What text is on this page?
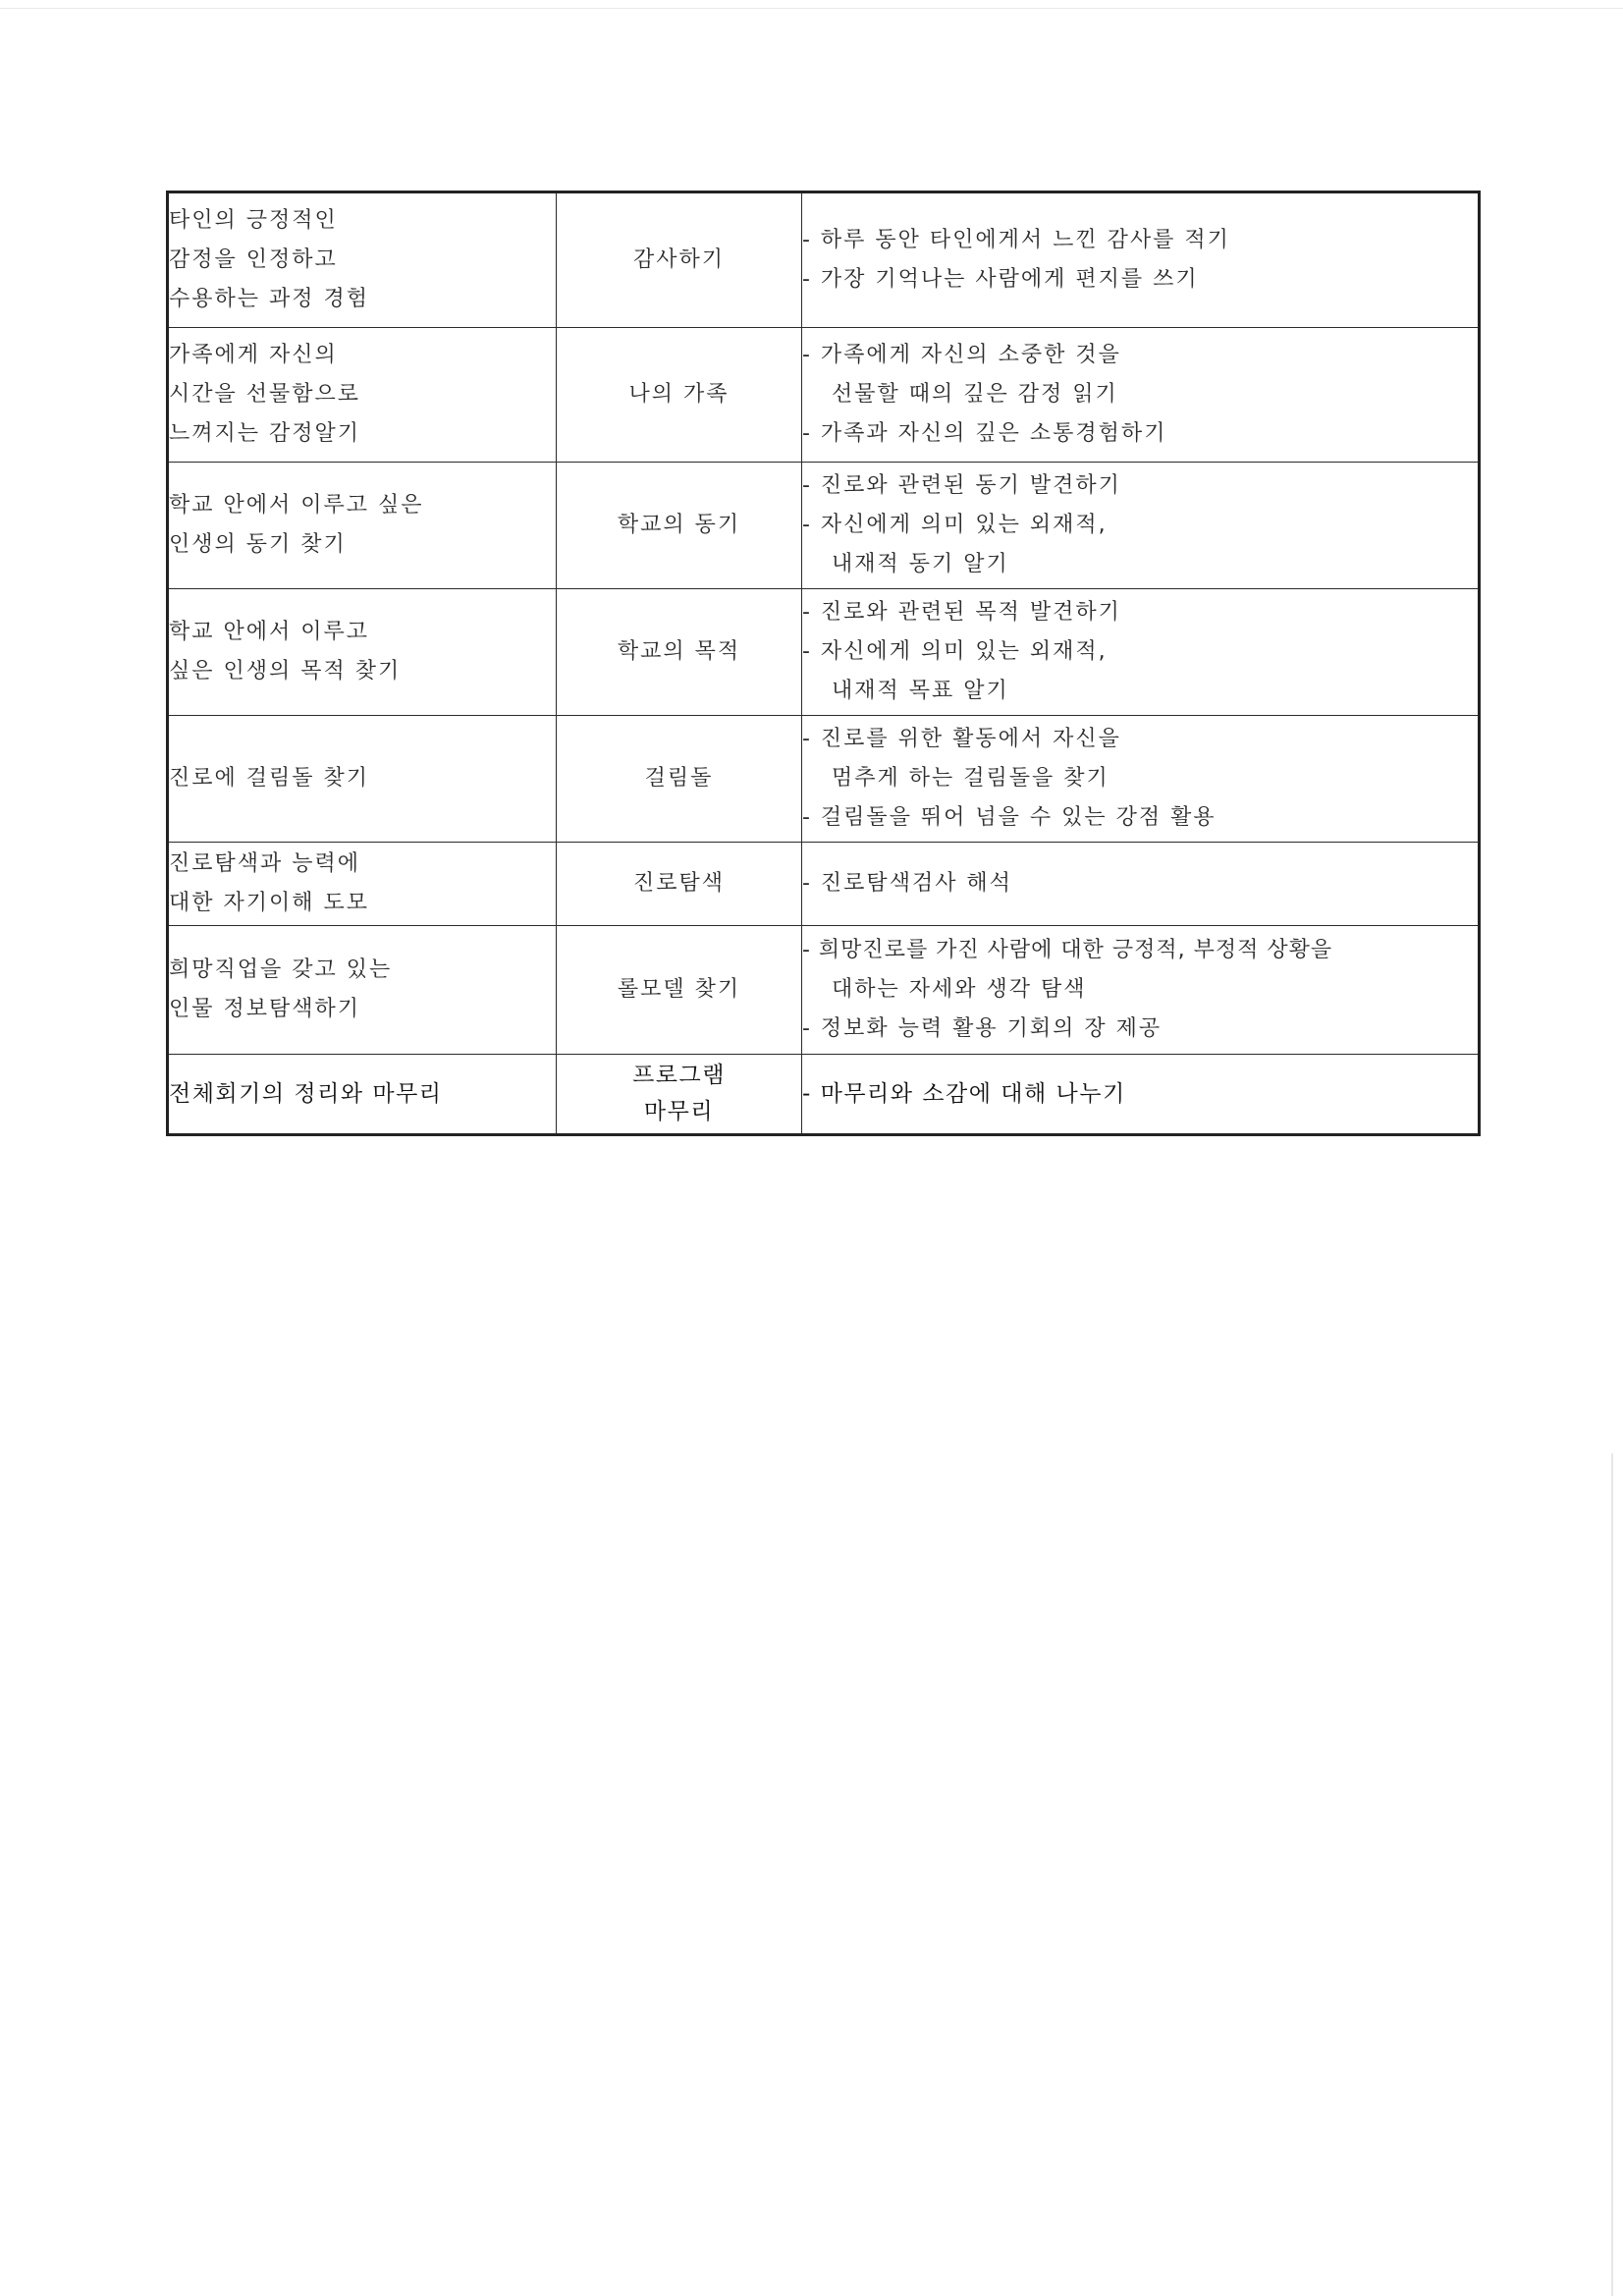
타인의 긍정적인
감정을 인정하고
수용하는 과정 경험	감사하기	- 하루 동안 타인에게서 느낀 감사를 적기
- 가장 기억나는 사람에게 편지를 쓰기

가족에게 자신의
시간을 선물함으로
느껴지는 감정알기	나의 가족	- 가족에게 자신의 소중한 것을
선물할 때의 깊은 감정 읽기
- 가족과 자신의 깊은 소통경험하기

학교 안에서 이루고 싶은
인생의 동기 찾기	학교의 동기	- 진로와 관련된 동기 발견하기
- 자신에게 의미 있는 외재적,
내재적 동기 알기

학교 안에서 이루고
싶은 인생의 목적 찾기	학교의 목적	- 진로와 관련된 목적 발견하기
- 자신에게 의미 있는 외재적,
내재적 목표 알기

진로에 걸림돌 찾기	걸림돌	- 진로를 위한 활동에서 자신을
멈추게 하는 걸림돌을 찾기
- 걸림돌을 뛰어 넘을 수 있는 강점 활용

진로탐색과 능력에
대한 자기이해 도모	진로탐색	- 진로탐색검사 해석

희망직업을 갖고 있는
인물 정보탐색하기	롤모델 찾기	- 희망진로를 가진 사람에 대한 긍정적, 부정적 상황을
대하는 자세와 생각 탐색
- 정보화 능력 활용 기회의 장 제공

전체회기의 정리와 마무리	프로그램
마무리	- 마무리와 소감에 대해 나누기
